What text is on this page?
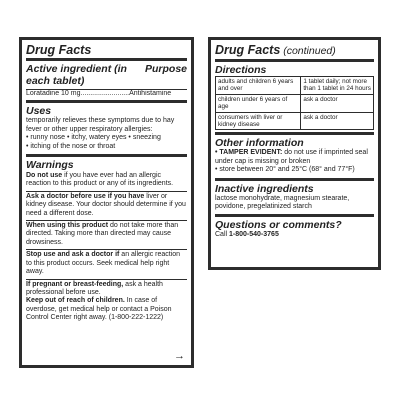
Drug Facts
Active ingredient (in each tablet)
Purpose
Loratadine 10 mg.........................Antihistamine
Uses
temporarily relieves these symptoms due to hay fever or other upper respiratory allergies:
• runny nose • itchy, watery eyes • sneezing
• itching of the nose or throat
Warnings
Do not use if you have ever had an allergic reaction to this product or any of its ingredients.
Ask a doctor before use if you have liver or kidney disease. Your doctor should determine if you need a different dose.
When using this product do not take more than directed. Taking more than directed may cause drowsiness.
Stop use and ask a doctor if an allergic reaction to this product occurs. Seek medical help right away.
If pregnant or breast-feeding, ask a health professional before use.
Keep out of reach of children. In case of overdose, get medical help or contact a Poison Control Center right away. (1-800-222-1222)
→
Drug Facts (continued)
Directions
adults and children 6 years and over	1 tablet daily; not more than 1 tablet in 24 hours
children under 6 years of age	ask a doctor
consumers with liver or kidney disease	ask a doctor
Other information
• TAMPER EVIDENT: do not use if imprinted seal under cap is missing or broken
• store between 20° and 25°C (68° and 77°F)
Inactive ingredients
lactose monohydrate, magnesium stearate, povidone, pregelatinized starch
Questions or comments?
Call 1-800-540-3765
